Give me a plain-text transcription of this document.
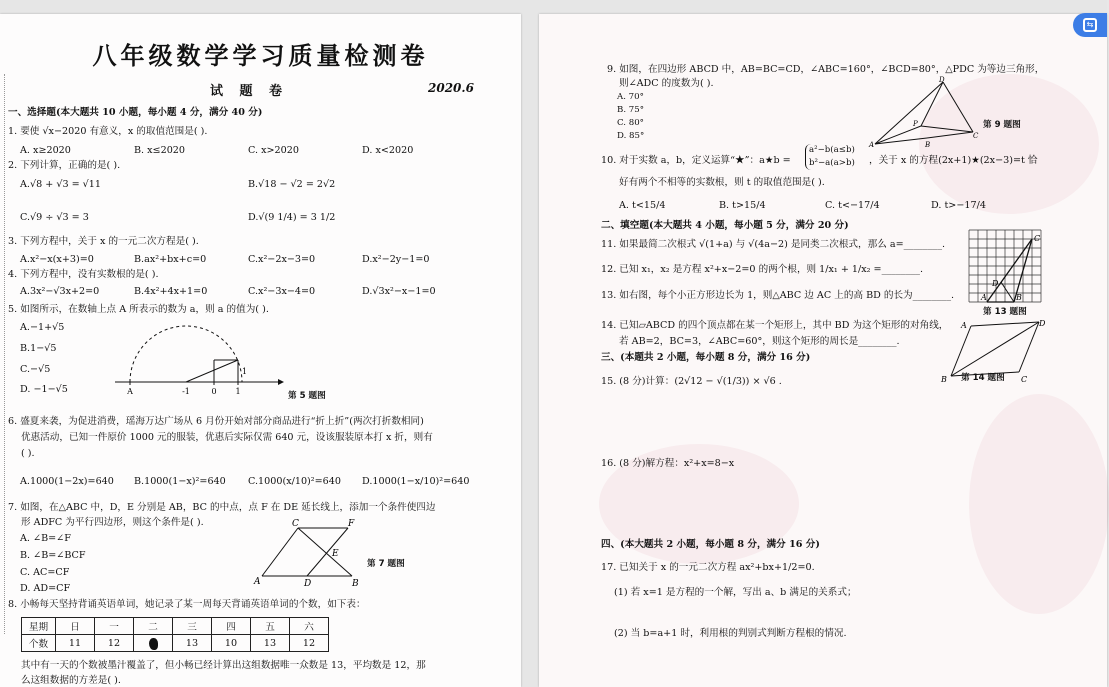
八年级数学学习质量检测卷
试 题 卷	2020.6
一、选择题(本大题共 10 小题，每小题 4 分，满分 40 分)
1. 要使 √x−2020 有意义，x 的取值范围是( ).
A. x≥2020	B. x≤2020	C. x>2020	D. x<2020
2. 下列计算，正确的是( ).
A.√8 + √3 = √11	B.√18 − √2 = 2√2
C.√9 ÷ √3 = 3	D.√(9 1/4) = 3 1/2
3. 下列方程中，关于 x 的一元二次方程是( ).
A.x²−x(x+3)=0	B.ax²+bx+c=0	C.x²−2x−3=0	D.x²−2y−1=0
4. 下列方程中，没有实数根的是( ).
A.3x²−√3x+2=0	B.4x²+4x+1=0	C.x²−3x−4=0	D.√3x²−x−1=0
5. 如图所示，在数轴上点 A 所表示的数为 a，则 a 的值为( ).
A.−1+√5
B.1−√5
C.−√5
D. −1−√5	A	-1	0 1
1
第 5 题图
6. 盛夏来袭，为促进消费，瑶海万达广场从 6 月份开始对部分商品进行“折上折”(两次打折数相同)
优惠活动，已知一件原价 1000 元的服装，优惠后实际仅需 640 元，设该服装原本打 x 折，则有
( ).
A.1000(1−2x)=640 B.1000(1−x)²=640 C.1000(x/10)²=640 D.1000(1−x/10)²=640
7. 如图，在△ABC 中，D，E 分别是 AB，BC 的中点，点 F 在 DE 延长线上，添加一个条件使四边
形 ADFC 为平行四边形，则这个条件是( ).
A. ∠B=∠F
B. ∠B=∠BCF
C. AC=CF
D. AD=CF
C	F
E
A	D	B
第 7 题图
8. 小畅每天坚持背诵英语单词，她记录了某一周每天背诵英语单词的个数，如下表：
星期	日	一	二	三	四	五	六
个数	11	12		13	10	13	12
其中有一天的个数被墨汁覆盖了，但小畅已经计算出这组数据唯一众数是 13，平均数是 12，那
么这组数据的方差是( ).
9. 如图，在四边形 ABCD 中，AB=BC=CD，∠ABC=160°，∠BCD=80°，△PDC 为等边三角形，
则∠ADC 的度数为( ).
A. 70°
B. 75°
C. 80°
D. 85°
D
P
A	B
C
第 9 题图
10. 对于实数 a，b，定义运算“★”：a★b =
a²−b(a≤b)
b²−a(a>b) ，关于 x 的方程(2x+1)★(2x−3)=t 恰
好有两个不相等的实数根，则 t 的取值范围是( ).
A. t<15/4	B. t>15/4	C. t<−17/4	D. t>−17/4
二、填空题(本大题共 4 小题，每小题 5 分，满分 20 分)
11. 如果最简二次根式 √(1+a) 与 √(4a−2) 是同类二次根式，那么 a=________.
12. 已知 x₁，x₂ 是方程 x²+x−2=0 的两个根，则 1/x₁ + 1/x₂ =________.
13. 如右图，每个小正方形边长为 1，则△ABC 边 AC 上的高 BD 的长为________.
C
D
A	B
第 13 题图
14. 已知▱ABCD 的四个顶点都在某一个矩形上，其中 BD 为这个矩形的对角线，
若 AB=2，BC=3，∠ABC=60°，则这个矩形的周长是________.
A	D
B	C
第 14 题图
三、(本题共 2 小题，每小题 8 分，满分 16 分)
15. (8 分)计算：(2√12 − √(1/3)) × √6 .
16. (8 分)解方程：x²+x=8−x
四、(本大题共 2 小题，每小题 8 分，满分 16 分)
17. 已知关于 x 的一元二次方程 ax²+bx+1/2=0.
(1) 若 x=1 是方程的一个解，写出 a、b 满足的关系式；
(2) 当 b=a+1 时，利用根的判别式判断方程根的情况.
⇆
